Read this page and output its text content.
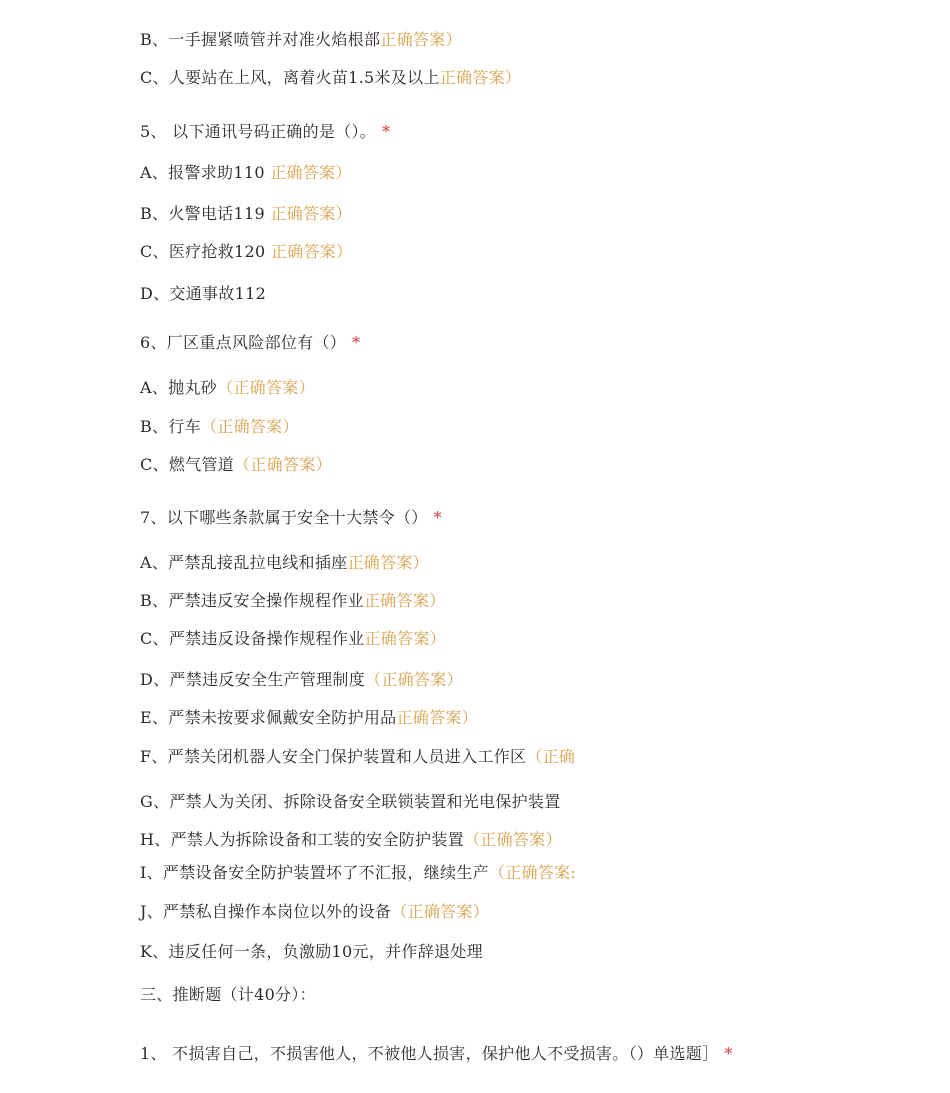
B、一手握紧喷管并对准火焰根部正确答案）
C、人要站在上风，离着火苗1.5米及以上正确答案）
5、 以下通讯号码正确的是（）。 *
A、报警求助110 正确答案）
B、火警电话119 正确答案）
C、医疗抢救120 正确答案）
D、交通事故112
6、厂区重点风险部位有（） *
A、抛丸砂（正确答案）
B、行车（正确答案）
C、燃气管道（正确答案）
7、以下哪些条款属于安全十大禁令（） *
A、严禁乱接乱拉电线和插座正确答案）
B、严禁违反安全操作规程作业正确答案）
C、严禁违反设备操作规程作业正确答案）
D、严禁违反安全生产管理制度（正确答案）
E、严禁未按要求佩戴安全防护用品正确答案）
F、严禁关闭机器人安全门保护装置和人员进入工作区（正确
G、严禁人为关闭、拆除设备安全联锁装置和光电保护装置
H、严禁人为拆除设备和工装的安全防护装置（正确答案）
I、严禁设备安全防护装置坏了不汇报，继续生产（正确答案:
J、严禁私自操作本岗位以外的设备（正确答案）
K、违反任何一条，负激励10元，并作辞退处理
三、推断题（计40分）：
1、 不损害自己，不损害他人，不被他人损害，保护他人不受损害。（）单选题］ *
